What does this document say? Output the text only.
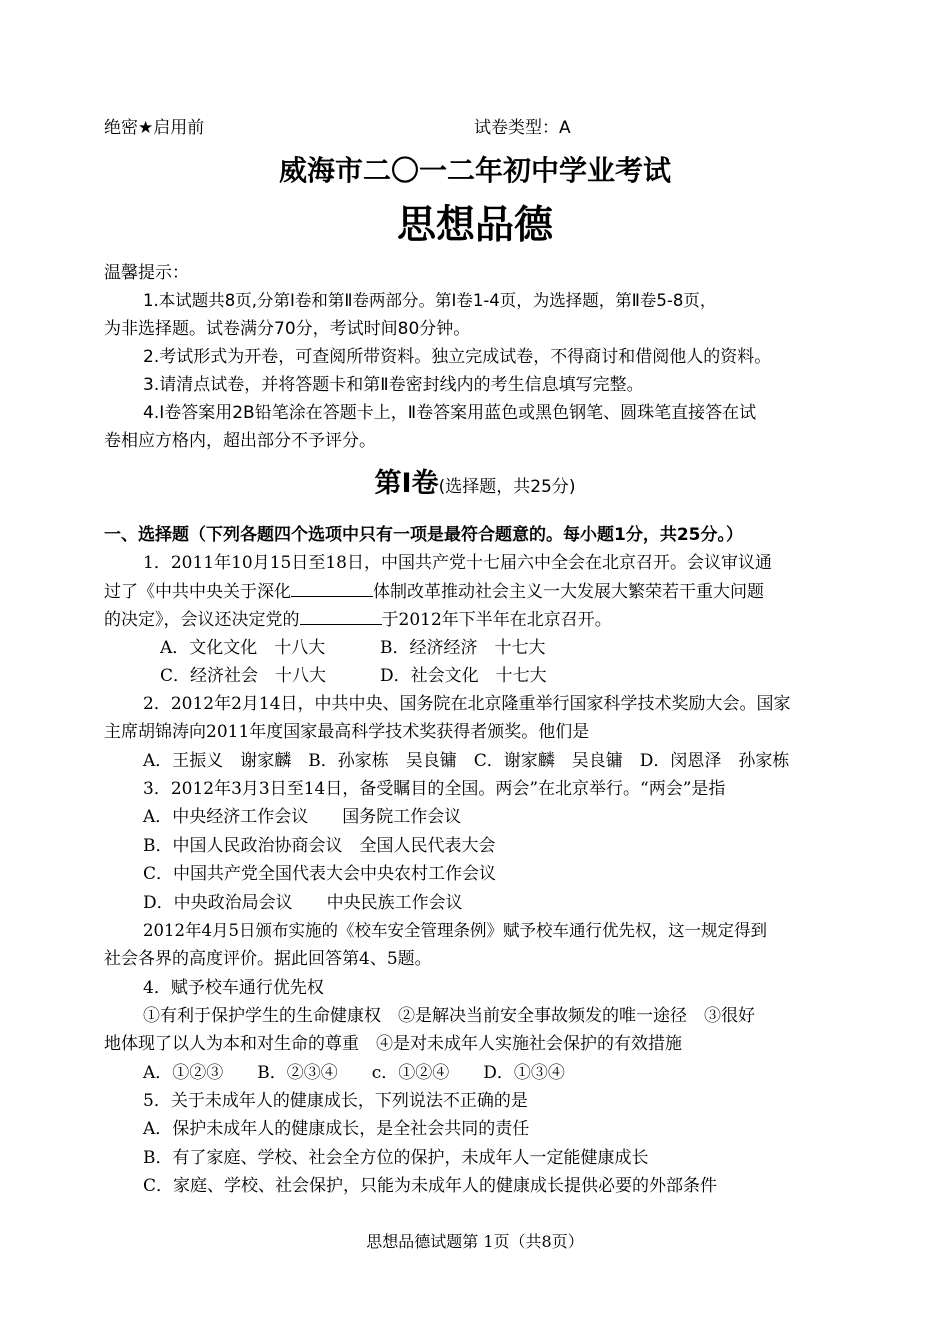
绝密★启用前	试卷类型：A
威海市二〇一二年初中学业考试
思想品德
温馨提示：
1.本试题共8页,分第Ⅰ卷和第Ⅱ卷两部分。第Ⅰ卷1-4页，为选择题，第Ⅱ卷5-8页，
为非选择题。试卷满分70分，考试时间80分钟。
2.考试形式为开卷，可查阅所带资料。独立完成试卷，不得商讨和借阅他人的资料。
3.请清点试卷，并将答题卡和第Ⅱ卷密封线内的考生信息填写完整。
4.Ⅰ卷答案用2B铅笔涂在答题卡上，Ⅱ卷答案用蓝色或黑色钢笔、圆珠笔直接答在试
卷相应方格内，超出部分不予评分。
第Ⅰ卷(选择题，共25分)
一、选择题（下列各题四个选项中只有一项是最符合题意的。每小题1分，共25分。）
1．2011年10月15日至18日，中国共产党十七届六中全会在北京召开。会议审议通
过了《中共中央关于深化	体制改革推动社会主义一大发展大繁荣若干重大问题
的决定》，会议还决定党的	于2012年下半年在北京召开。
A．文化文化　十八大	B．经济经济　十七大
C．经济社会　十八大	D．社会文化　十七大
2．2012年2月14日，中共中央、国务院在北京隆重举行国家科学技术奖励大会。国家
主席胡锦涛向2011年度国家最高科学技术奖获得者颁奖。他们是
A．王振义　谢家麟　B．孙家栋　吴良镛　C．谢家麟　吴良镛　D．闵恩泽　孙家栋
3．2012年3月3日至14日，备受瞩目的全国。两会”在北京举行。“两会”是指
A．中央经济工作会议　　国务院工作会议
B．中国人民政治协商会议　全国人民代表大会
C．中国共产党全国代表大会中央农村工作会议
D．中央政治局会议　　中央民族工作会议
2012年4月5日颁布实施的《校车安全管理条例》赋予校车通行优先权，这一规定得到
社会各界的高度评价。据此回答第4、5题。
4．赋予校车通行优先权
①有利于保护学生的生命健康权　②是解决当前安全事故频发的唯一途径　③很好
地体现了以人为本和对生命的尊重　④是对未成年人实施社会保护的有效措施
A．①②③　　B．②③④　　c．①②④　　D．①③④
5．关于未成年人的健康成长，下列说法不正确的是
A．保护未成年人的健康成长，是全社会共同的责任
B．有了家庭、学校、社会全方位的保护，未成年人一定能健康成长
C．家庭、学校、社会保护，只能为未成年人的健康成长提供必要的外部条件
思想品德试题第 1页（共8页）
